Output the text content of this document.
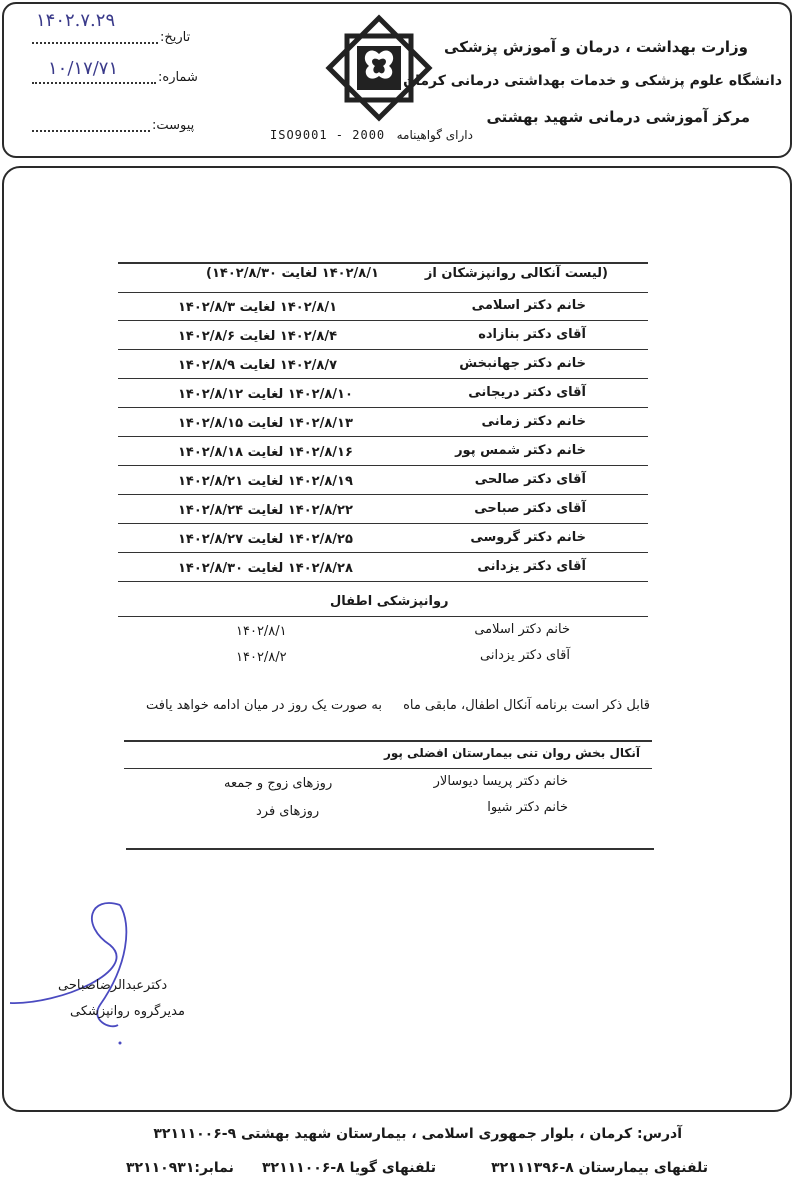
وزارت بهداشت ، درمان و آموزش پزشکی
دانشگاه علوم پزشکی و خدمات بهداشتی درمانی کرمان
مرکز آموزشی درمانی شهید بهشتی
دارای گواهینامه   ISO9001 - 2000
تاریخ:
۱۴۰۲.۷.۲۹
شماره:
۱۰/۱۷/۷۱
پیوست:
(لیست آنکالی روانپزشکان از
۱۴۰۲/۸/۱ لغایت ۱۴۰۲/۸/۳۰)
خانم دکتر اسلامی
۱۴۰۲/۸/۱ لغایت ۱۴۰۲/۸/۳
آقای دکتر بنازاده
۱۴۰۲/۸/۴ لغایت ۱۴۰۲/۸/۶
خانم دکتر جهانبخش
۱۴۰۲/۸/۷ لغایت ۱۴۰۲/۸/۹
آقای دکتر دریجانی
۱۴۰۲/۸/۱۰ لغایت ۱۴۰۲/۸/۱۲
خانم دکتر زمانی
۱۴۰۲/۸/۱۳ لغایت ۱۴۰۲/۸/۱۵
خانم دکتر شمس پور
۱۴۰۲/۸/۱۶ لغایت ۱۴۰۲/۸/۱۸
آقای دکتر صالحی
۱۴۰۲/۸/۱۹ لغایت ۱۴۰۲/۸/۲۱
آقای دکتر صباحی
۱۴۰۲/۸/۲۲ لغایت ۱۴۰۲/۸/۲۴
خانم دکتر گروسی
۱۴۰۲/۸/۲۵ لغایت ۱۴۰۲/۸/۲۷
آقای دکتر یزدانی
۱۴۰۲/۸/۲۸ لغایت ۱۴۰۲/۸/۳۰
روانپزشکی اطفال
خانم دکتر اسلامی
۱۴۰۲/۸/۱
آقای دکتر یزدانی
۱۴۰۲/۸/۲
قابل ذکر است برنامه آنکال اطفال، مابقی ماه
به صورت یک روز در میان ادامه خواهد یافت
آنکال بخش روان تنی بیمارستان افضلی پور
خانم دکتر پریسا دیوسالار
روزهای زوج و جمعه
خانم دکتر شیوا
روزهای فرد
دکترعبدالرضاصباحی
مدیرگروه روانپزشکی
آدرس: کرمان ، بلوار جمهوری اسلامی ، بیمارستان شهید بهشتی ۹-۳۲۱۱۱۰۰۶
تلفنهای بیمارستان ۸-۳۲۱۱۱۳۹۶
تلفنهای گویا ۸-۳۲۱۱۱۰۰۶
نمابر:۳۲۱۱۰۹۳۱
